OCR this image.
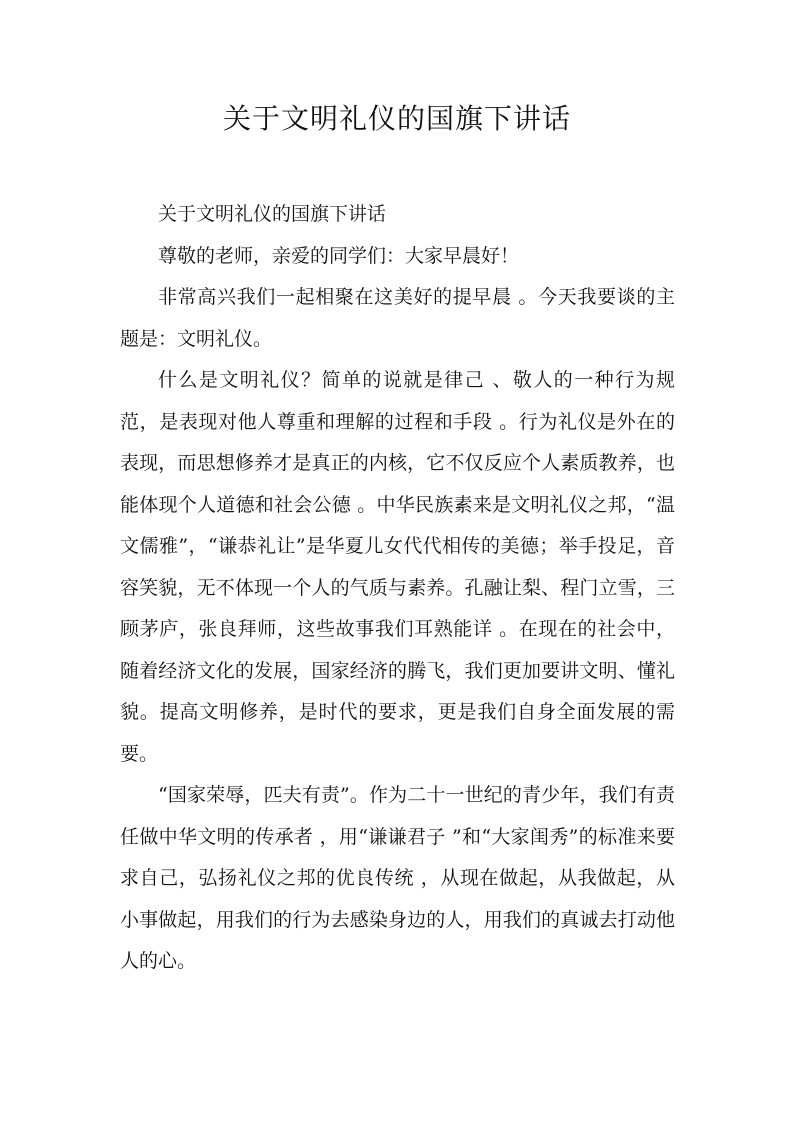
关于文明礼仪的国旗下讲话

关于文明礼仪的国旗下讲话

尊敬的老师，亲爱的同学们：大家早晨好！

非常高兴我们一起相聚在这美好的提早晨 。今天我要谈的主题是：文明礼仪。

什么是文明礼仪？简单的说就是律己 、敬人的一种行为规范，是表现对他人尊重和理解的过程和手段 。行为礼仪是外在的表现，而思想修养才是真正的内核，它不仅反应个人素质教养，也能体现个人道德和社会公德 。中华民族素来是文明礼仪之邦，“温文儒雅”，“谦恭礼让”是华夏儿女代代相传的美德；举手投足，音容笑貌，无不体现一个人的气质与素养。孔融让梨、程门立雪，三顾茅庐，张良拜师，这些故事我们耳熟能详 。在现在的社会中，随着经济文化的发展，国家经济的腾飞，我们更加要讲文明、懂礼貌。提高文明修养，是时代的要求，更是我们自身全面发展的需要。

“国家荣辱，匹夫有责”。作为二十一世纪的青少年，我们有责任做中华文明的传承者 ，用“谦谦君子 ”和“大家闺秀”的标准来要求自己，弘扬礼仪之邦的优良传统 ，从现在做起，从我做起，从小事做起，用我们的行为去感染身边的人，用我们的真诚去打动他人的心。
